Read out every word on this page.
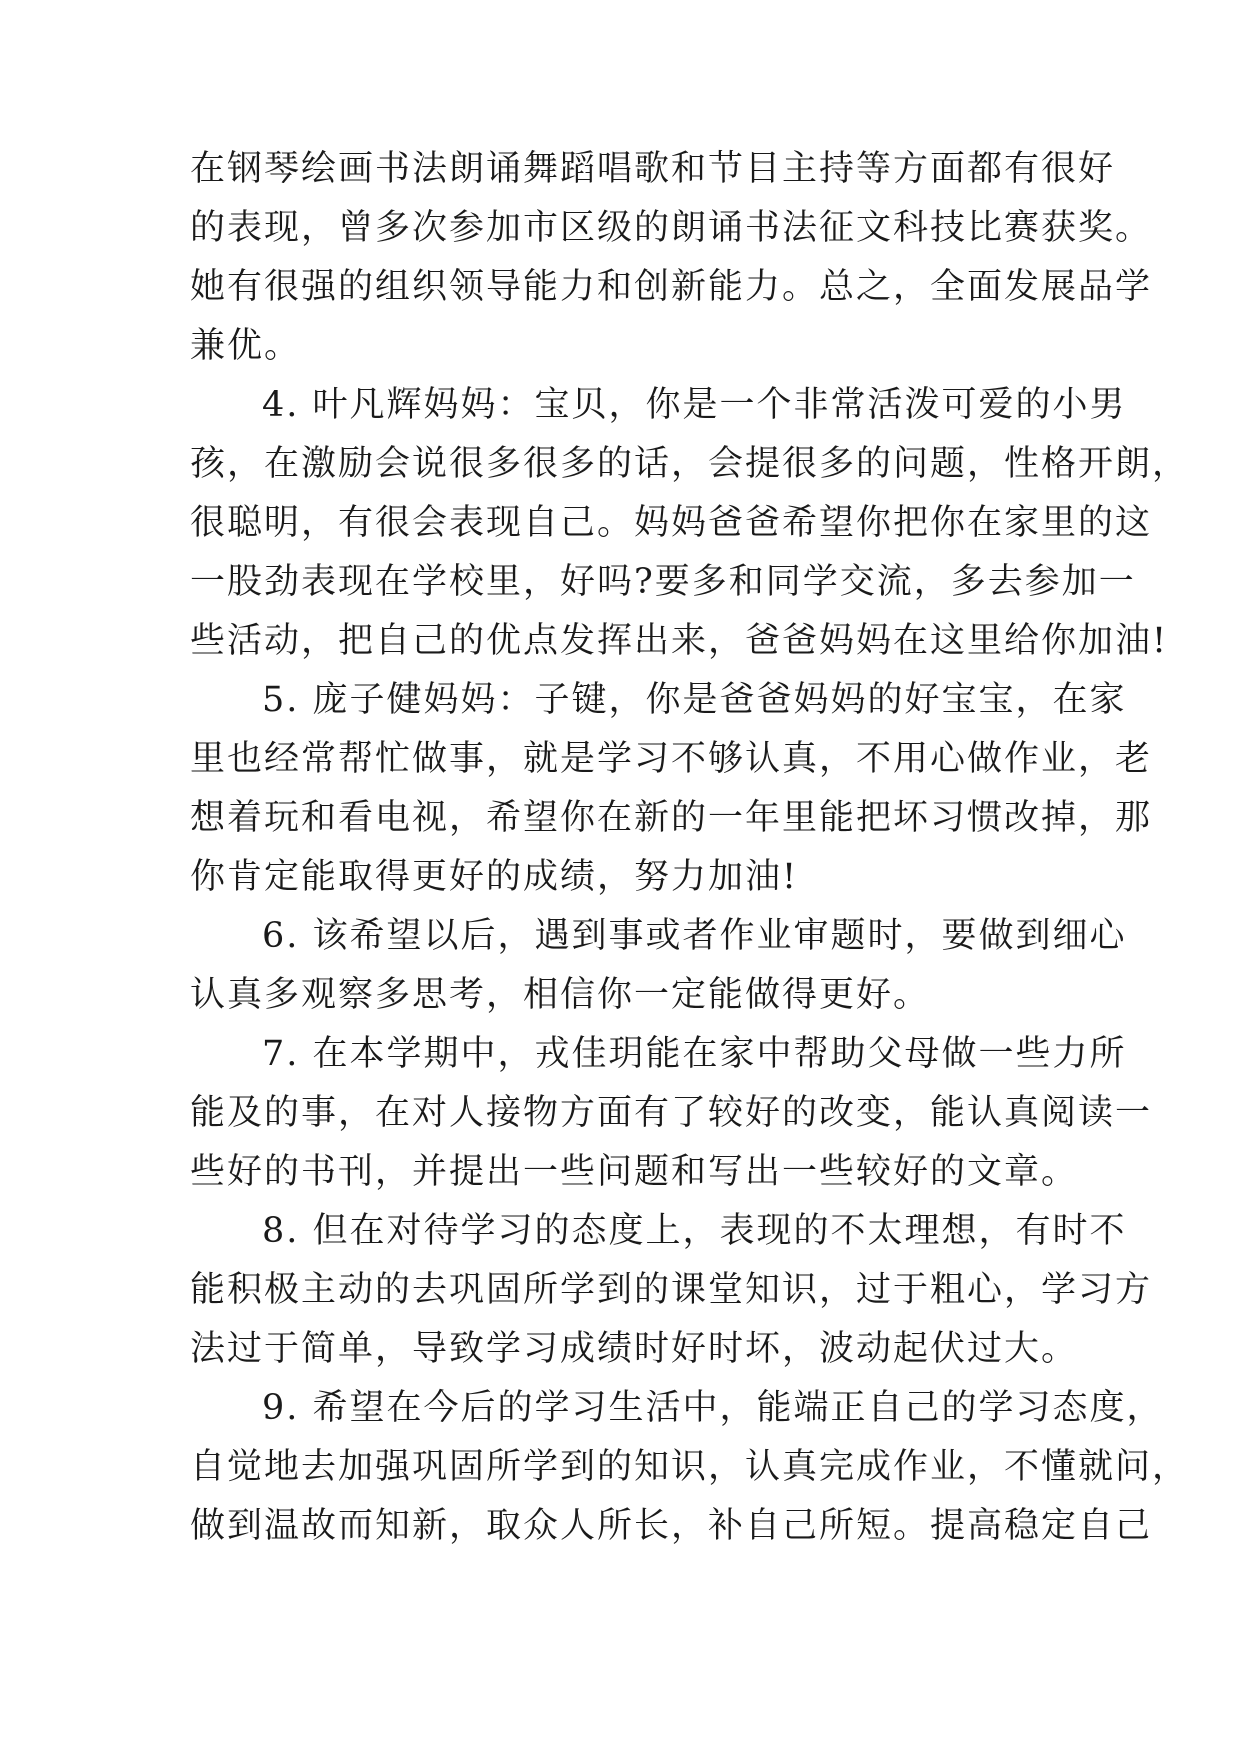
在钢琴绘画书法朗诵舞蹈唱歌和节目主持等方面都有很好
的表现，曾多次参加市区级的朗诵书法征文科技比赛获奖。
她有很强的组织领导能力和创新能力。总之，全面发展品学
兼优。
4. 叶凡辉妈妈：宝贝，你是一个非常活泼可爱的小男
孩，在激励会说很多很多的话，会提很多的问题，性格开朗，
很聪明，有很会表现自己。妈妈爸爸希望你把你在家里的这
一股劲表现在学校里，好吗?要多和同学交流，多去参加一
些活动，把自己的优点发挥出来，爸爸妈妈在这里给你加油!
5. 庞子健妈妈：子键，你是爸爸妈妈的好宝宝，在家
里也经常帮忙做事，就是学习不够认真，不用心做作业，老
想着玩和看电视，希望你在新的一年里能把坏习惯改掉，那
你肯定能取得更好的成绩，努力加油!
6. 该希望以后，遇到事或者作业审题时，要做到细心
认真多观察多思考，相信你一定能做得更好。
7. 在本学期中，戎佳玥能在家中帮助父母做一些力所
能及的事，在对人接物方面有了较好的改变，能认真阅读一
些好的书刊，并提出一些问题和写出一些较好的文章。
8. 但在对待学习的态度上，表现的不太理想，有时不
能积极主动的去巩固所学到的课堂知识，过于粗心，学习方
法过于简单，导致学习成绩时好时坏，波动起伏过大。
9. 希望在今后的学习生活中，能端正自己的学习态度，
自觉地去加强巩固所学到的知识，认真完成作业，不懂就问，
做到温故而知新，取众人所长，补自己所短。提高稳定自己
